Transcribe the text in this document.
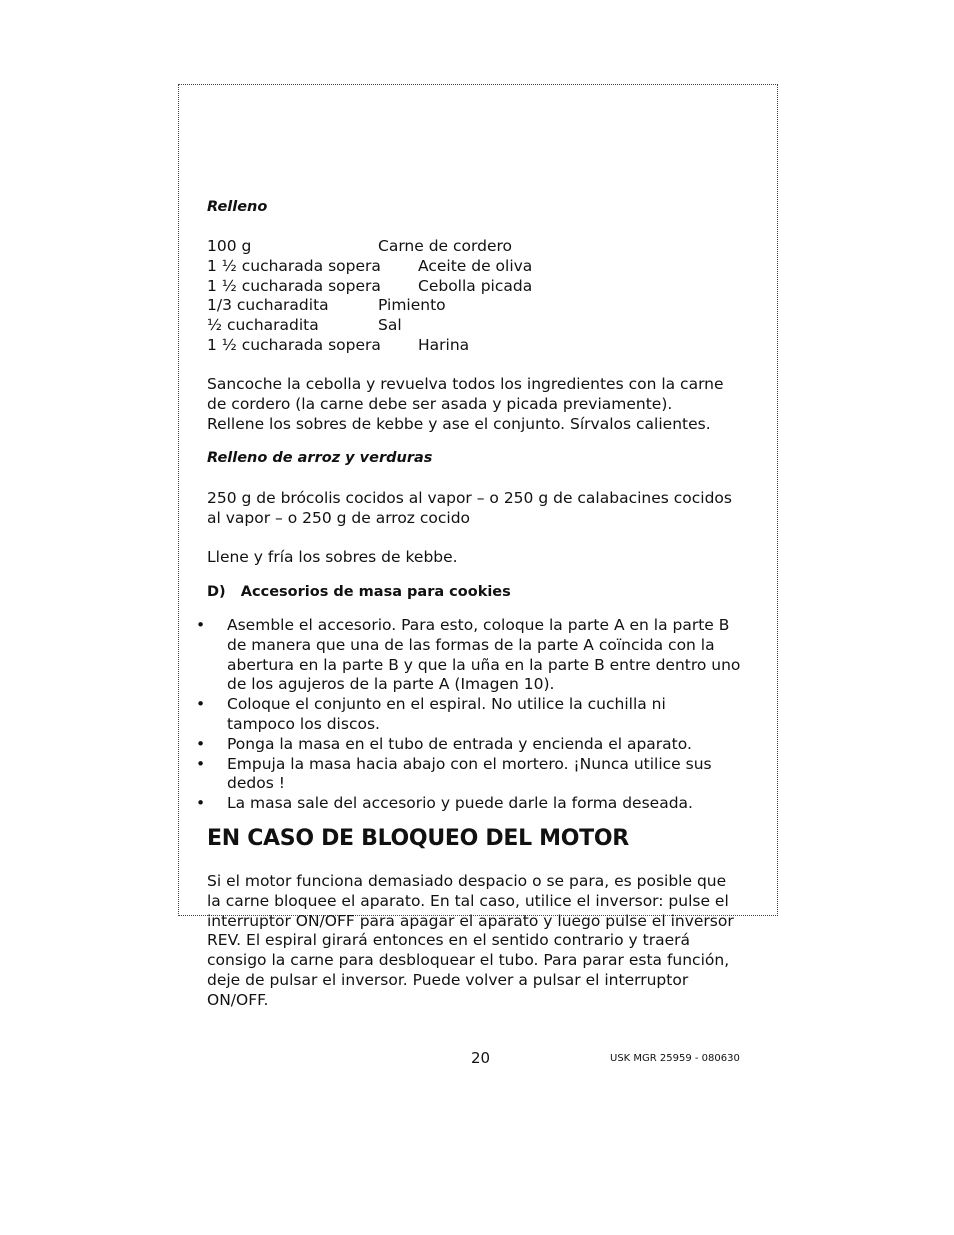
Relleno
100 g	Carne de cordero
1 ½ cucharada sopera Aceite de oliva
1 ½ cucharada sopera Cebolla picada
1/3 cucharadita	Pimiento
½ cucharadita	Sal
1 ½ cucharada sopera Harina
Sancoche la cebolla y revuelva todos los ingredientes con la carne
de cordero (la carne debe ser asada y picada previamente).
Rellene los sobres de kebbe y ase el conjunto. Sírvalos calientes.
Relleno de arroz y verduras
250 g de brócolis cocidos al vapor – o 250 g de calabacines cocidos
al vapor – o 250 g de arroz cocido
Llene y fría los sobres de kebbe.
D)   Accesorios de masa para cookies
• Asemble el accesorio. Para esto, coloque la parte A en la parte B
de manera que una de las formas de la parte A coïncida con la
abertura en la parte B y que la uña en la parte B entre dentro uno
de los agujeros de la parte A (Imagen 10).
• Coloque el conjunto en el espiral. No utilice la cuchilla ni
tampoco los discos.
• Ponga la masa en el tubo de entrada y encienda el aparato.
• Empuja la masa hacia abajo con el mortero. ¡Nunca utilice sus
dedos !
• La masa sale del accesorio y puede darle la forma deseada.
EN CASO DE BLOQUEO DEL MOTOR
Si el motor funciona demasiado despacio o se para, es posible que
la carne bloquee el aparato. En tal caso, utilice el inversor: pulse el
interruptor ON/OFF para apagar el aparato y luego pulse el inversor
REV. El espiral girará entonces en el sentido contrario y traerá
consigo la carne para desbloquear el tubo. Para parar esta función,
deje de pulsar el inversor. Puede volver a pulsar el interruptor
ON/OFF.
20	USK MGR 25959 - 080630
